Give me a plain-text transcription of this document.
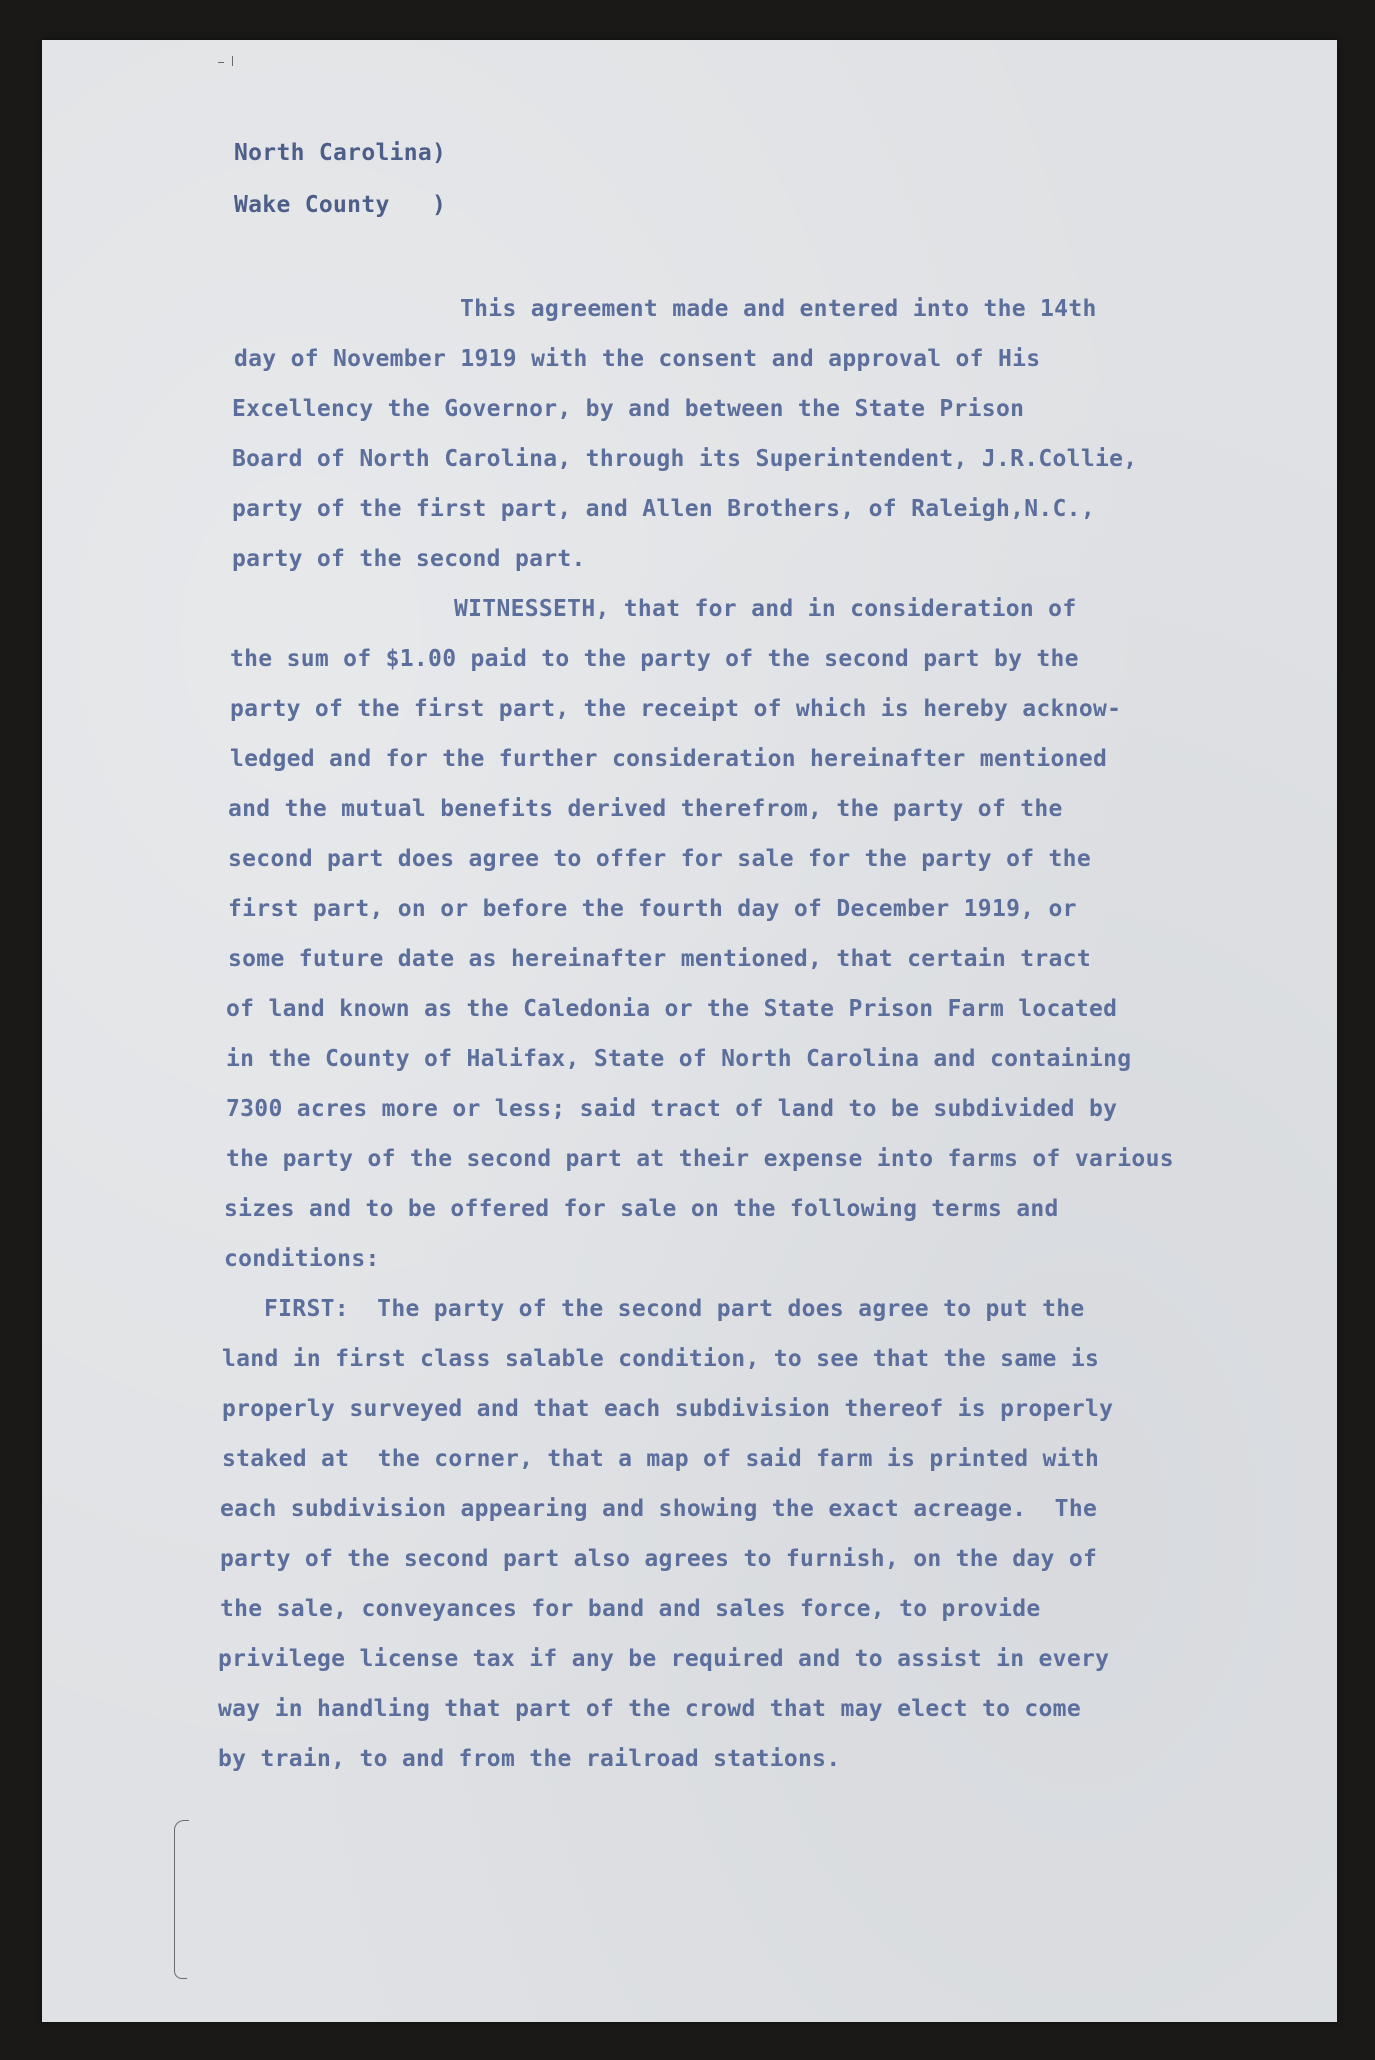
North Carolina)

Wake County   )

This agreement made and entered into the 14th

day of November 1919 with the consent and approval of His

Excellency the Governor, by and between the State Prison

Board of North Carolina, through its Superintendent, J.R.Collie,

party of the first part, and Allen Brothers, of Raleigh,N.C.,

party of the second part.

WITNESSETH, that for and in consideration of

the sum of $1.00 paid to the party of the second part by the

party of the first part, the receipt of which is hereby acknow-

ledged and for the further consideration hereinafter mentioned

and the mutual benefits derived therefrom, the party of the

second part does agree to offer for sale for the party of the

first part, on or before the fourth day of December 1919, or

some future date as hereinafter mentioned, that certain tract

of land known as the Caledonia or the State Prison Farm located

in the County of Halifax, State of North Carolina and containing

7300 acres more or less; said tract of land to be subdivided by

the party of the second part at their expense into farms of various

sizes and to be offered for sale on the following terms and

conditions:

FIRST:  The party of the second part does agree to put the

land in first class salable condition, to see that the same is

properly surveyed and that each subdivision thereof is properly

staked at  the corner, that a map of said farm is printed with

each subdivision appearing and showing the exact acreage.  The

party of the second part also agrees to furnish, on the day of

the sale, conveyances for band and sales force, to provide

privilege license tax if any be required and to assist in every

way in handling that part of the crowd that may elect to come

by train, to and from the railroad stations.
